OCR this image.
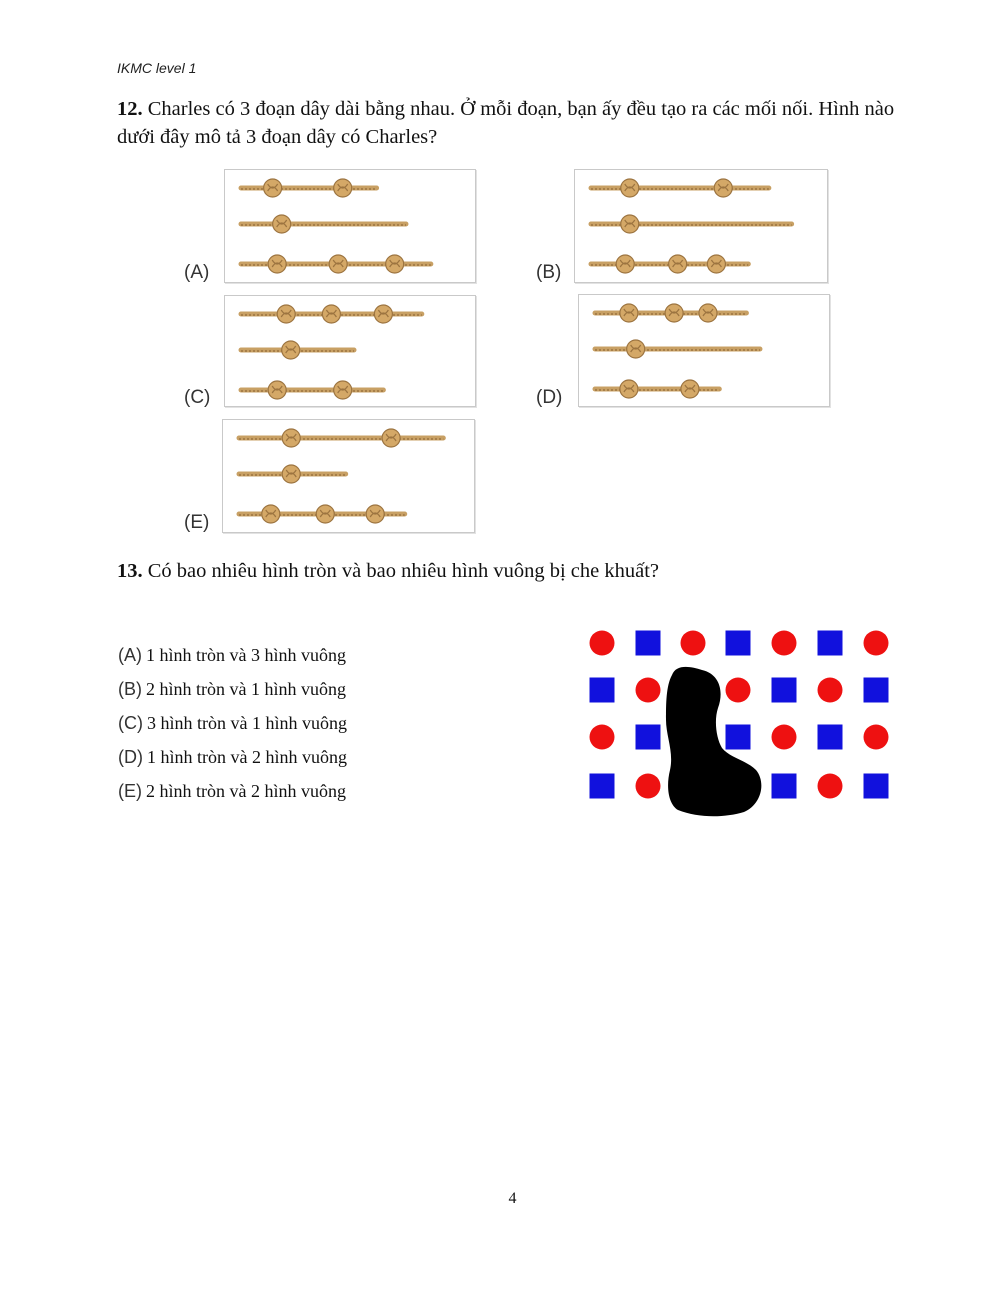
IKMC level 1
12. Charles có 3 đoạn dây dài bằng nhau. Ở mỗi đoạn, bạn ấy đều tạo ra các mối nối. Hình nào dưới đây mô tả 3 đoạn dây có Charles?
(A)	(B)
(C)	(D)
(E)
13. Có bao nhiêu hình tròn và bao nhiêu hình vuông bị che khuất?
(A) 1 hình tròn và 3 hình vuông
(B) 2 hình tròn và 1 hình vuông
(C) 3 hình tròn và 1 hình vuông
(D) 1 hình tròn và 2 hình vuông
(E) 2 hình tròn và 2 hình vuông
4
